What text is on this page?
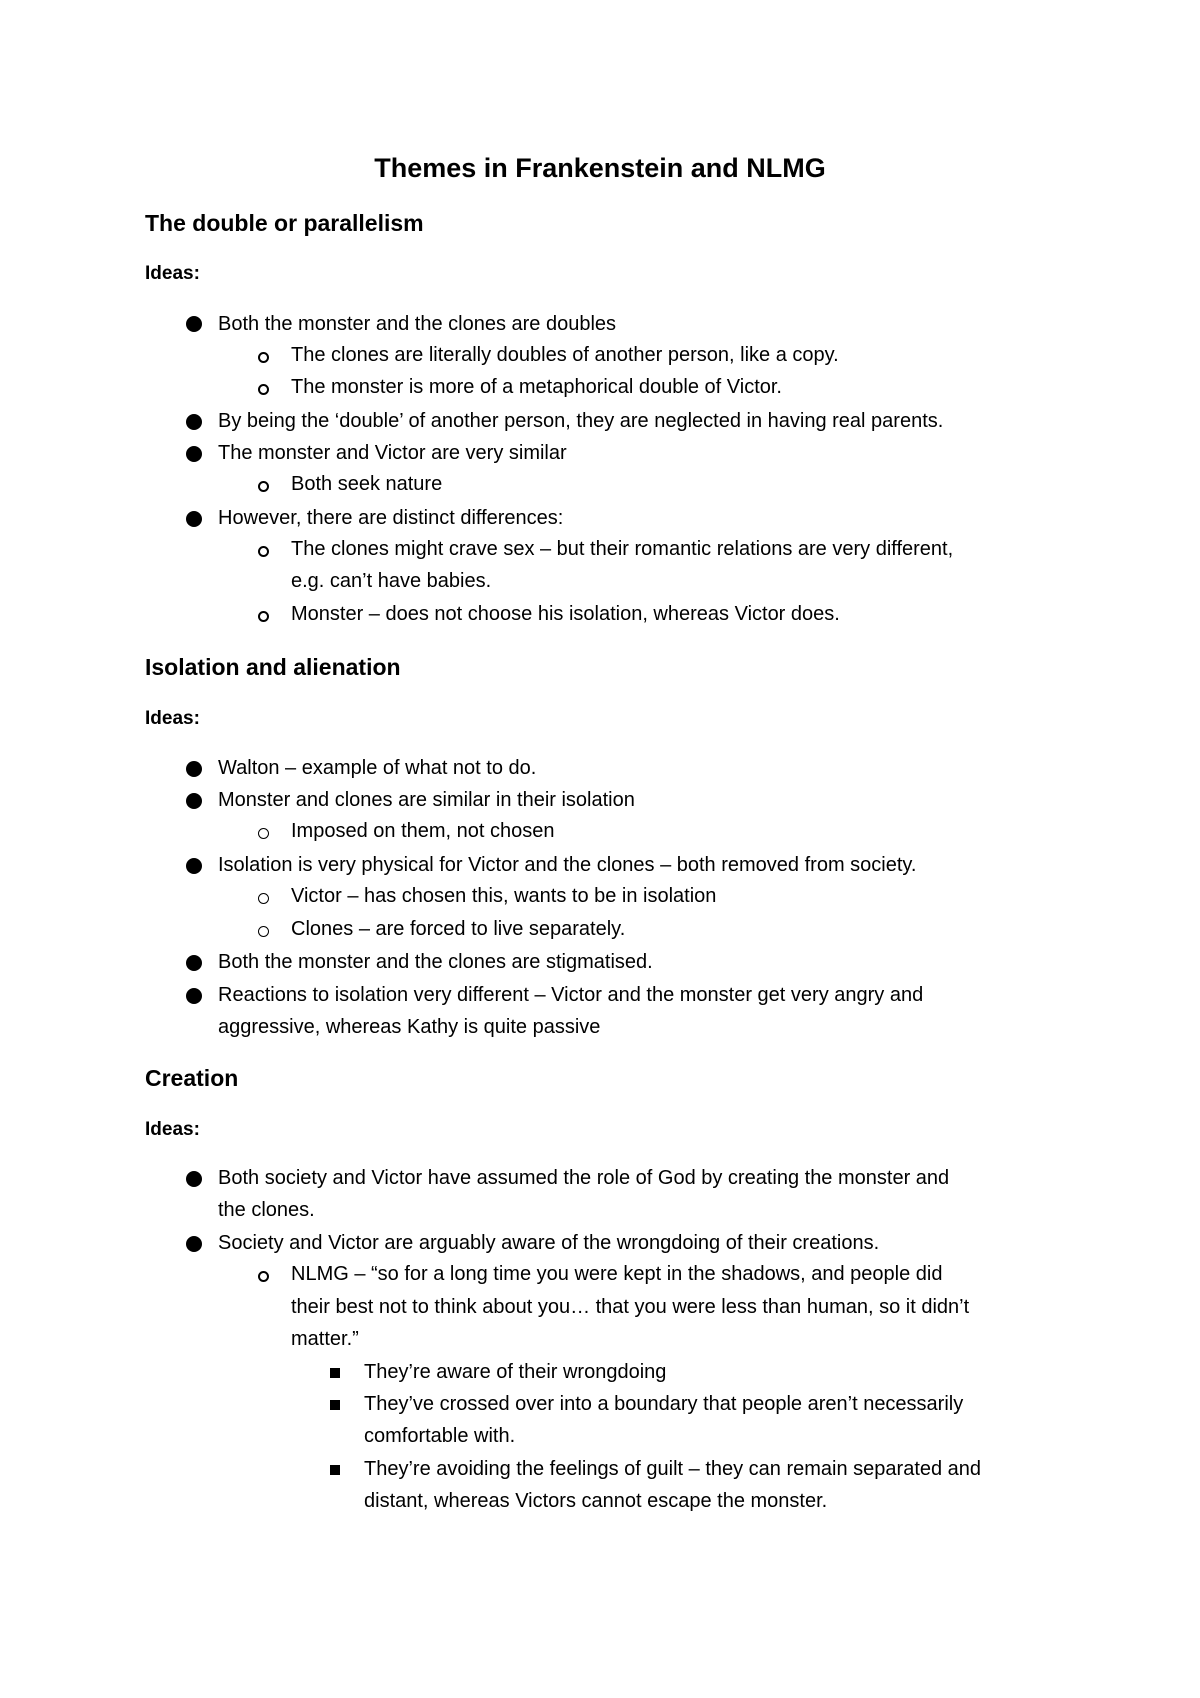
Themes in Frankenstein and NLMG
The double or parallelism
Ideas:
Both the monster and the clones are doubles
The clones are literally doubles of another person, like a copy.
The monster is more of a metaphorical double of Victor.
By being the ‘double’ of another person, they are neglected in having real parents.
The monster and Victor are very similar
Both seek nature
However, there are distinct differences:
The clones might crave sex – but their romantic relations are very different,
e.g. can’t have babies.
Monster – does not choose his isolation, whereas Victor does.
Isolation and alienation
Ideas:
Walton – example of what not to do.
Monster and clones are similar in their isolation
Imposed on them, not chosen
Isolation is very physical for Victor and the clones – both removed from society.
Victor – has chosen this, wants to be in isolation
Clones – are forced to live separately.
Both the monster and the clones are stigmatised.
Reactions to isolation very different – Victor and the monster get very angry and
aggressive, whereas Kathy is quite passive
Creation
Ideas:
Both society and Victor have assumed the role of God by creating the monster and
the clones.
Society and Victor are arguably aware of the wrongdoing of their creations.
NLMG – “so for a long time you were kept in the shadows, and people did
their best not to think about you… that you were less than human, so it didn’t
matter.”
They’re aware of their wrongdoing
They’ve crossed over into a boundary that people aren’t necessarily
comfortable with.
They’re avoiding the feelings of guilt – they can remain separated and
distant, whereas Victors cannot escape the monster.
